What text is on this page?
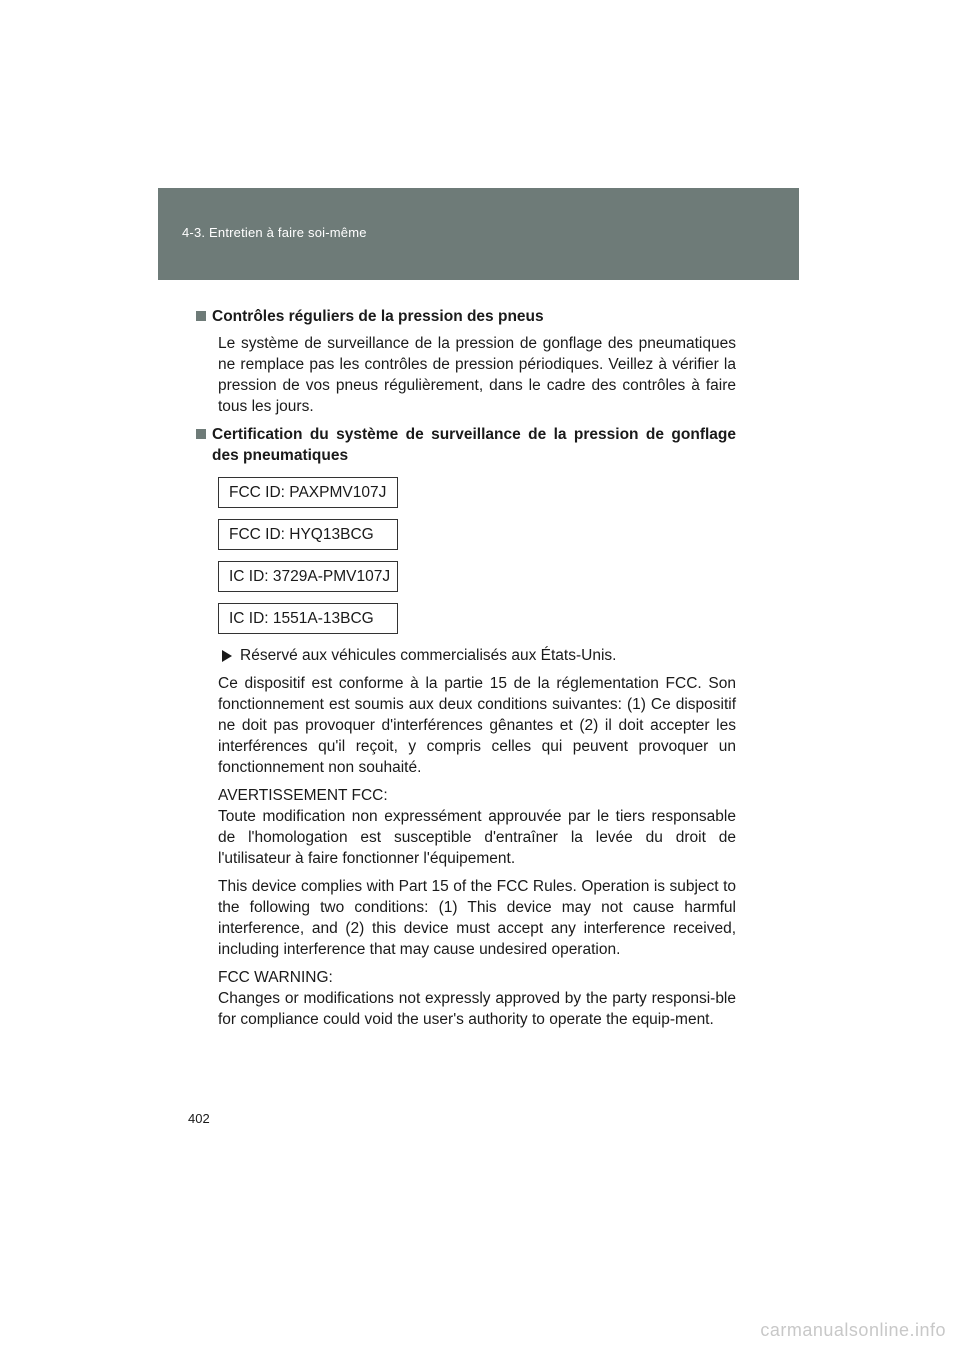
4-3. Entretien à faire soi-même
Contrôles réguliers de la pression des pneus

Le système de surveillance de la pression de gonflage des pneumatiques ne remplace pas les contrôles de pression périodiques. Veillez à vérifier la pression de vos pneus régulièrement, dans le cadre des contrôles à faire tous les jours.

Certification du système de surveillance de la pression de gonflage des pneumatiques
FCC ID: PAXPMV107J
FCC ID: HYQ13BCG
IC ID: 3729A-PMV107J
IC ID: 1551A-13BCG
Réservé aux véhicules commercialisés aux États-Unis.

Ce dispositif est conforme à la partie 15 de la réglementation FCC. Son fonctionnement est soumis aux deux conditions suivantes: (1) Ce dispositif ne doit pas provoquer d'interférences gênantes et (2) il doit accepter les interférences qu'il reçoit, y compris celles qui peuvent provoquer un fonctionnement non souhaité.

AVERTISSEMENT FCC:

Toute modification non expressément approuvée par le tiers responsable de l'homologation est susceptible d'entraîner la levée du droit de l'utilisateur à faire fonctionner l'équipement.

This device complies with Part 15 of the FCC Rules. Operation is subject to the following two conditions: (1) This device may not cause harmful interference, and (2) this device must accept any interference received, including interference that may cause undesired operation.

FCC WARNING:

Changes or modifications not expressly approved by the party responsi-ble for compliance could void the user's authority to operate the equip-ment.

402
carmanualsonline.info
